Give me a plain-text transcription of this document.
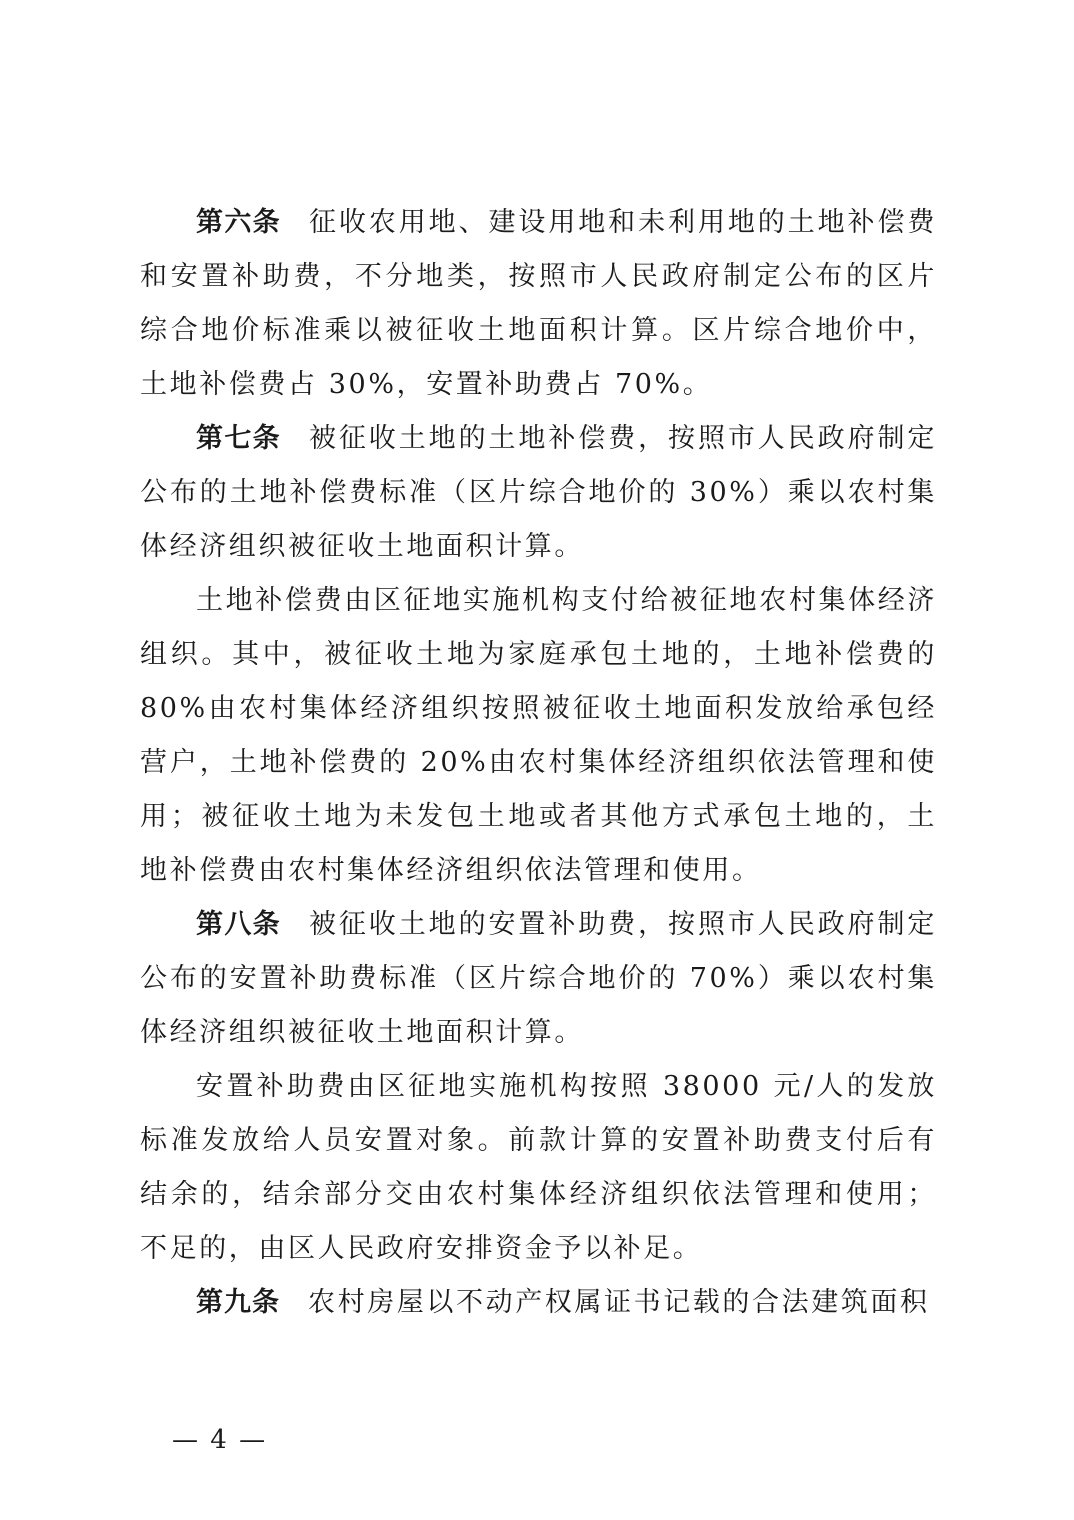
第六条 征收农用地、建设用地和未利用地的土地补偿费和安置补助费，不分地类，按照市人民政府制定公布的区片综合地价标准乘以被征收土地面积计算。区片综合地价中，土地补偿费占 30%，安置补助费占 70%。

第七条 被征收土地的土地补偿费，按照市人民政府制定公布的土地补偿费标准（区片综合地价的 30%）乘以农村集体经济组织被征收土地面积计算。

土地补偿费由区征地实施机构支付给被征地农村集体经济组织。其中，被征收土地为家庭承包土地的，土地补偿费的 80%由农村集体经济组织按照被征收土地面积发放给承包经营户，土地补偿费的 20%由农村集体经济组织依法管理和使用；被征收土地为未发包土地或者其他方式承包土地的，土地补偿费由农村集体经济组织依法管理和使用。

第八条 被征收土地的安置补助费，按照市人民政府制定公布的安置补助费标准（区片综合地价的 70%）乘以农村集体经济组织被征收土地面积计算。

安置补助费由区征地实施机构按照 38000 元/人的发放标准发放给人员安置对象。前款计算的安置补助费支付后有结余的，结余部分交由农村集体经济组织依法管理和使用；不足的，由区人民政府安排资金予以补足。

第九条 农村房屋以不动产权属证书记载的合法建筑面积

— 4 —
